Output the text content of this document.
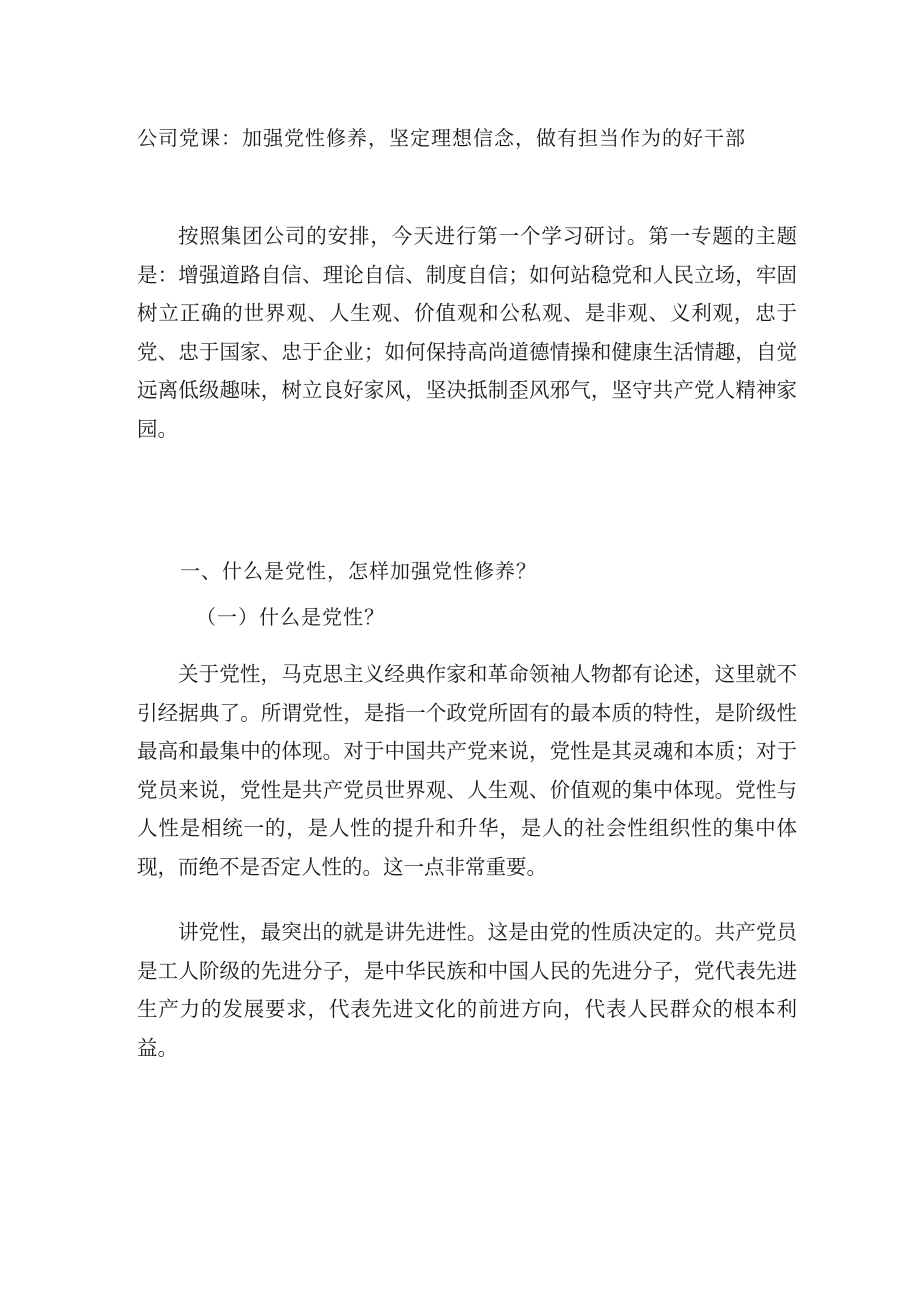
公司党课：加强党性修养，坚定理想信念，做有担当作为的好干部

按照集团公司的安排，今天进行第一个学习研讨。第一专题的主题是：增强道路自信、理论自信、制度自信；如何站稳党和人民立场，牢固树立正确的世界观、人生观、价值观和公私观、是非观、义利观，忠于党、忠于国家、忠于企业；如何保持高尚道德情操和健康生活情趣，自觉远离低级趣味，树立良好家风，坚决抵制歪风邪气，坚守共产党人精神家园。

一、什么是党性，怎样加强党性修养？
（一）什么是党性？

关于党性，马克思主义经典作家和革命领袖人物都有论述，这里就不引经据典了。所谓党性，是指一个政党所固有的最本质的特性，是阶级性最高和最集中的体现。对于中国共产党来说，党性是其灵魂和本质；对于党员来说，党性是共产党员世界观、人生观、价值观的集中体现。党性与人性是相统一的，是人性的提升和升华，是人的社会性组织性的集中体现，而绝不是否定人性的。这一点非常重要。

讲党性，最突出的就是讲先进性。这是由党的性质决定的。共产党员是工人阶级的先进分子，是中华民族和中国人民的先进分子，党代表先进生产力的发展要求，代表先进文化的前进方向，代表人民群众的根本利益。
